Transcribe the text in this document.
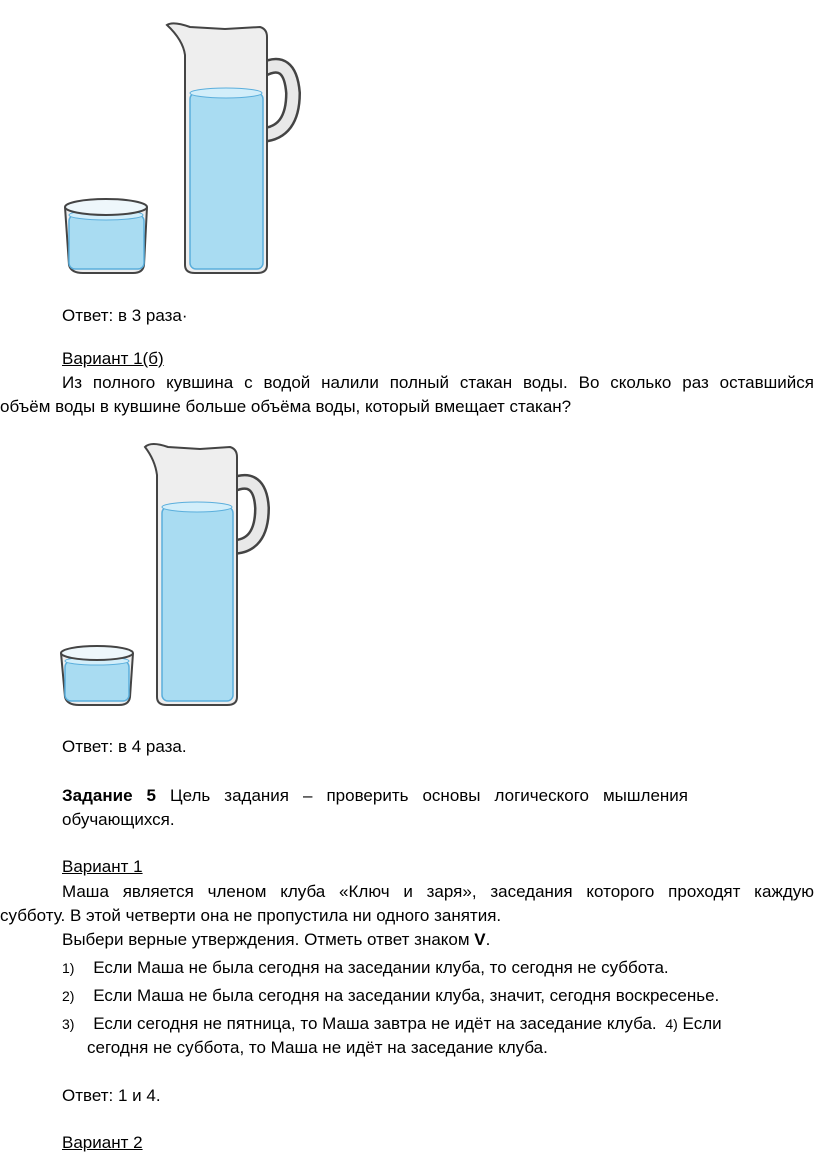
Ответ: в 3 раза·
Вариант 1(б)
Из полного кувшина с водой налили полный стакан воды. Во сколько раз оставшийся
объём воды в кувшине больше объёма воды, который вмещает стакан?
Ответ: в 4 раза.
Задание 5 Цель задания – проверить основы логического мышления
обучающихся.
Вариант 1
Маша является членом клуба «Ключ и заря», заседания которого проходят каждую
субботу. В этой четверти она не пропустила ни одного занятия.
Выбери верные утверждения. Отметь ответ знаком V.
1) Если Маша не была сегодня на заседании клуба, то сегодня не суббота.
2) Если Маша не была сегодня на заседании клуба, значит, сегодня воскресенье.
3) Если сегодня не пятница, то Маша завтра не идёт на заседание клуба. 4) Если
сегодня не суббота, то Маша не идёт на заседание клуба.
Ответ: 1 и 4.
Вариант 2
